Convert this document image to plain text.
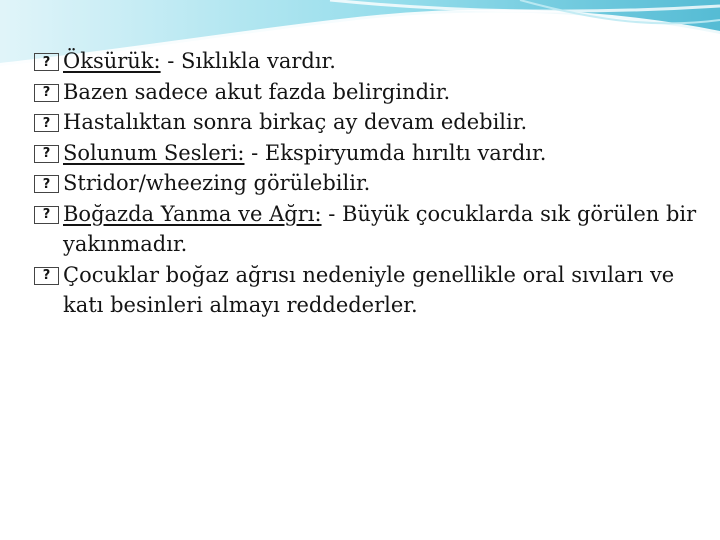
? Öksürük: - Sıklıkla vardır.
? Bazen sadece akut fazda belirgindir.
? Hastalıktan sonra birkaç ay devam edebilir.
? Solunum Sesleri: - Ekspiryumda hırıltı vardır.
? Stridor/wheezing görülebilir.
? Boğazda Yanma ve Ağrı: - Büyük çocuklarda sık görülen bir yakınmadır.
? Çocuklar boğaz ağrısı nedeniyle genellikle oral sıvıları ve katı besinleri almayı reddederler.
